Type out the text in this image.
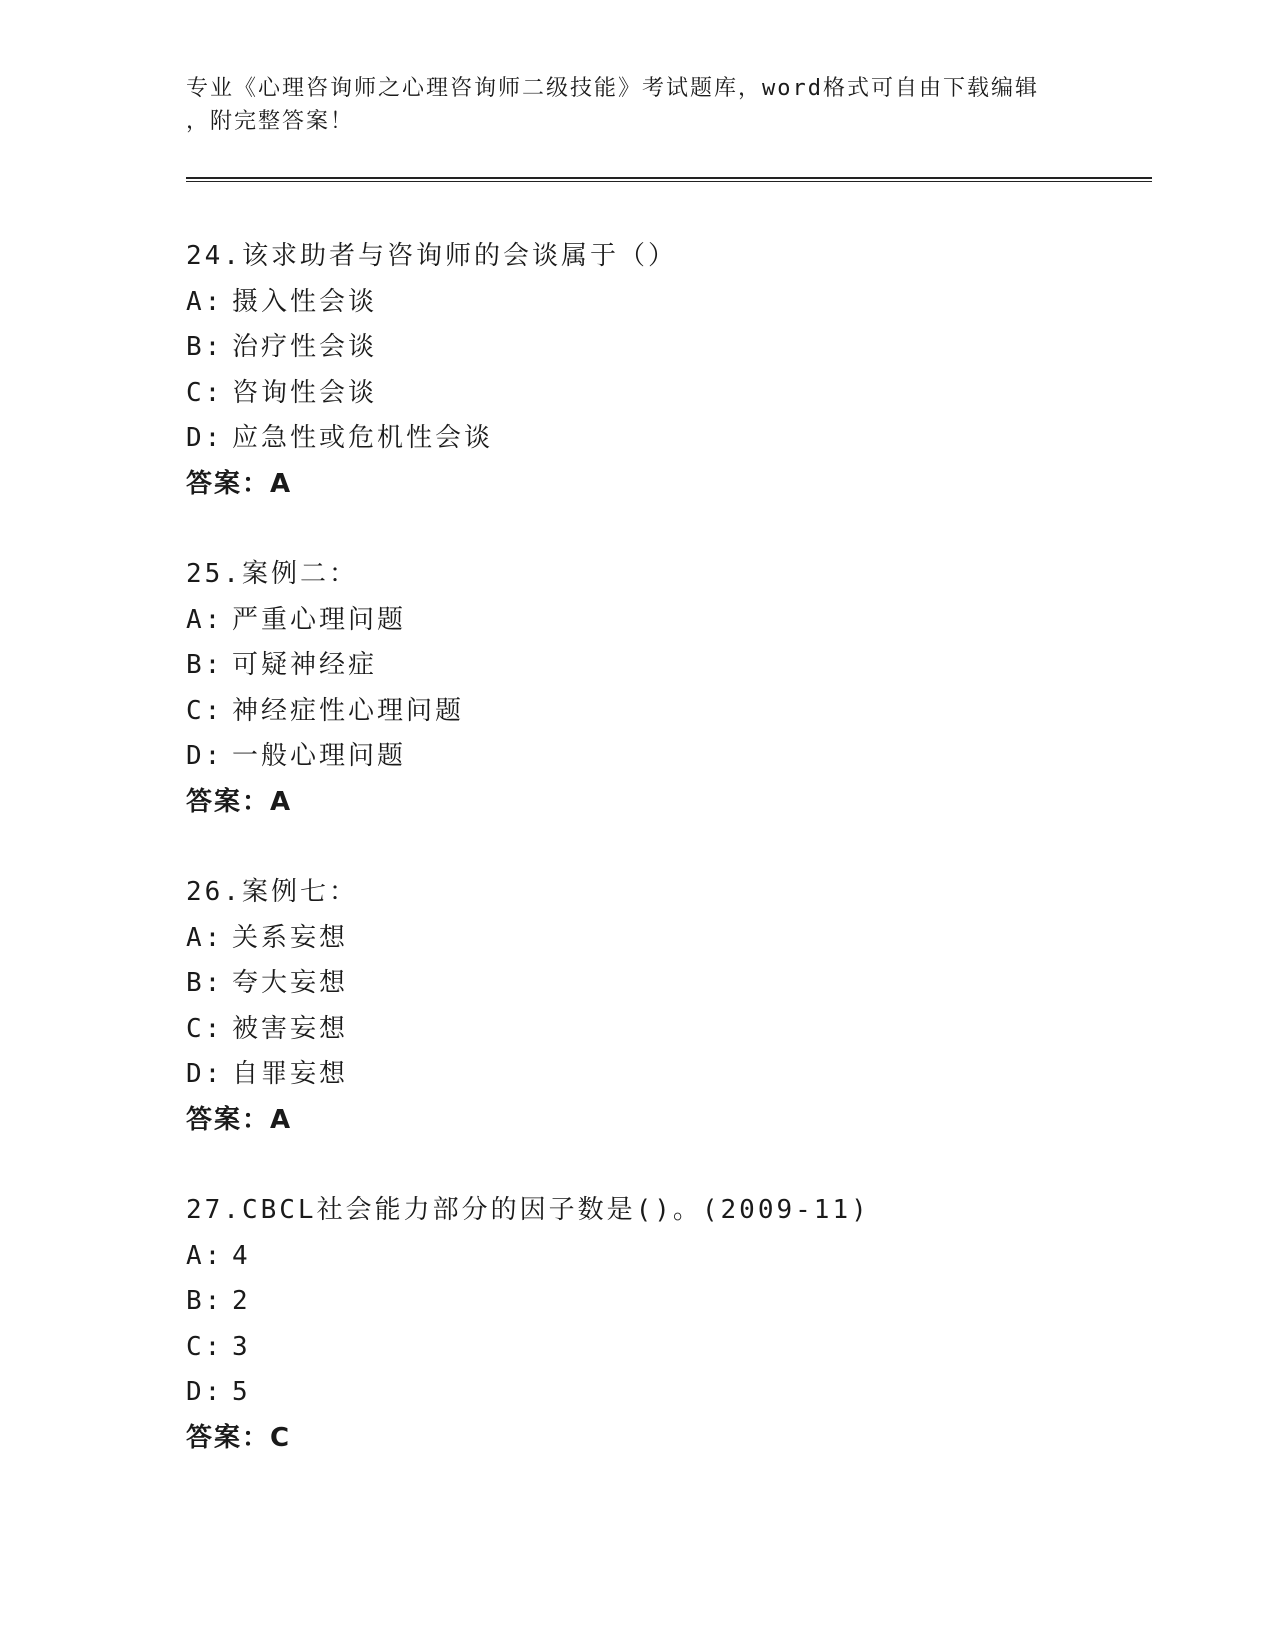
专业《心理咨询师之心理咨询师二级技能》考试题库，word格式可自由下载编辑
，附完整答案！
24.该求助者与咨询师的会谈属于（）
A: 摄入性会谈
B: 治疗性会谈
C: 咨询性会谈
D: 应急性或危机性会谈
答案：A
25.案例二：
A: 严重心理问题
B: 可疑神经症
C: 神经症性心理问题
D: 一般心理问题
答案：A
26.案例七：
A: 关系妄想
B: 夸大妄想
C: 被害妄想
D: 自罪妄想
答案：A
27.CBCL社会能力部分的因子数是()。(2009-11)
A: 4
B: 2
C: 3
D: 5
答案：C
